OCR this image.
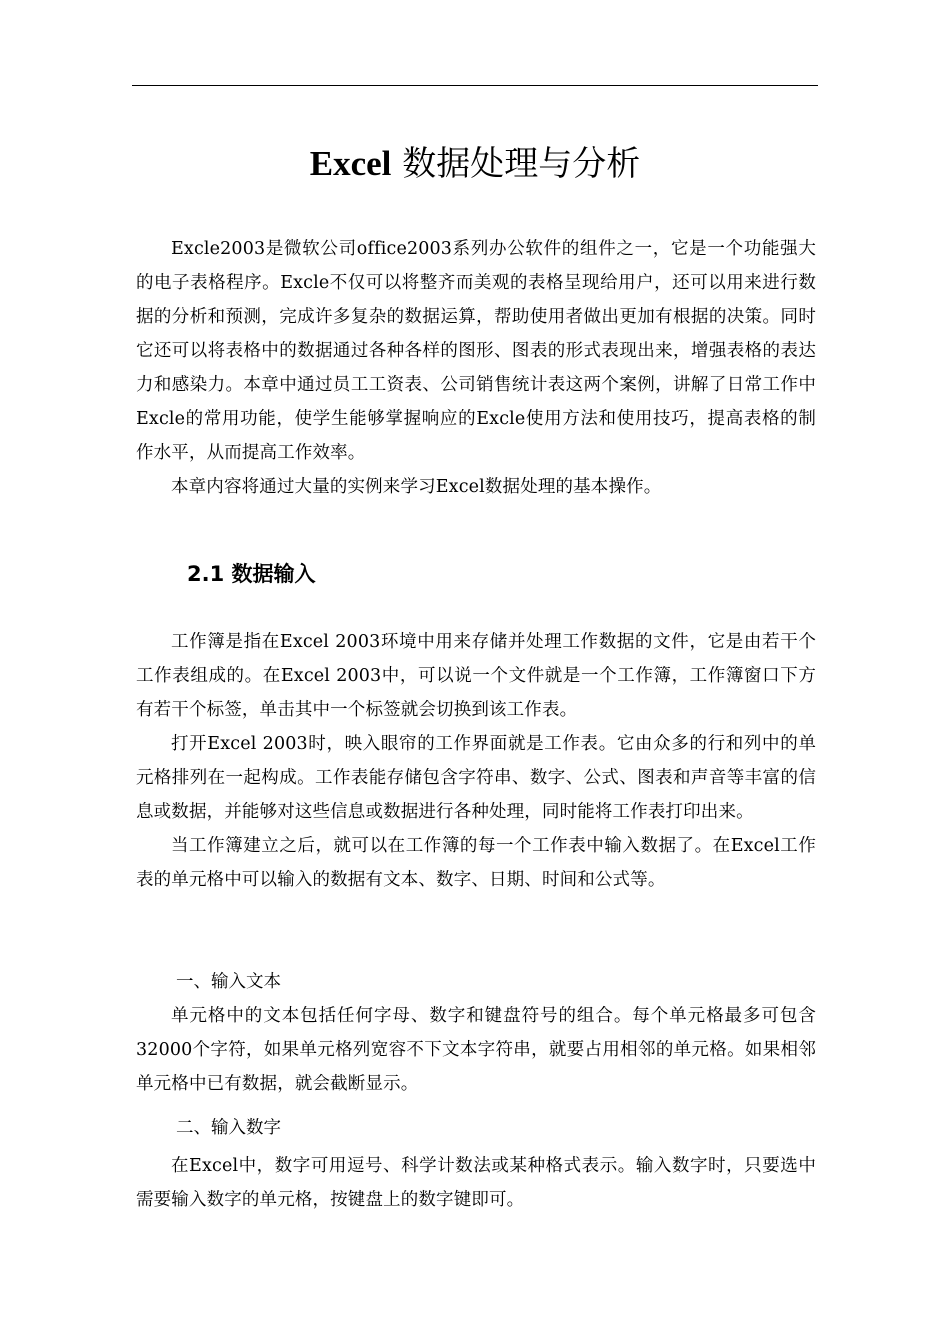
Excel 数据处理与分析

Excle2003是微软公司office2003系列办公软件的组件之一，它是一个功能强大的电子表格程序。Excle不仅可以将整齐而美观的表格呈现给用户，还可以用来进行数据的分析和预测，完成许多复杂的数据运算，帮助使用者做出更加有根据的决策。同时它还可以将表格中的数据通过各种各样的图形、图表的形式表现出来，增强表格的表达力和感染力。本章中通过员工工资表、公司销售统计表这两个案例，讲解了日常工作中Excle的常用功能，使学生能够掌握响应的Excle使用方法和使用技巧，提高表格的制作水平，从而提高工作效率。

本章内容将通过大量的实例来学习Excel数据处理的基本操作。

2.1 数据输入

工作簿是指在Excel 2003环境中用来存储并处理工作数据的文件，它是由若干个工作表组成的。在Excel 2003中，可以说一个文件就是一个工作簿，工作簿窗口下方有若干个标签，单击其中一个标签就会切换到该工作表。

打开Excel 2003时，映入眼帘的工作界面就是工作表。它由众多的行和列中的单元格排列在一起构成。工作表能存储包含字符串、数字、公式、图表和声音等丰富的信息或数据，并能够对这些信息或数据进行各种处理，同时能将工作表打印出来。

当工作簿建立之后，就可以在工作簿的每一个工作表中输入数据了。在Excel工作表的单元格中可以输入的数据有文本、数字、日期、时间和公式等。

一、输入文本

单元格中的文本包括任何字母、数字和键盘符号的组合。每个单元格最多可包含32000个字符，如果单元格列宽容不下文本字符串，就要占用相邻的单元格。如果相邻单元格中已有数据，就会截断显示。

二、输入数字

在Excel中，数字可用逗号、科学计数法或某种格式表示。输入数字时，只要选中需要输入数字的单元格，按键盘上的数字键即可。
